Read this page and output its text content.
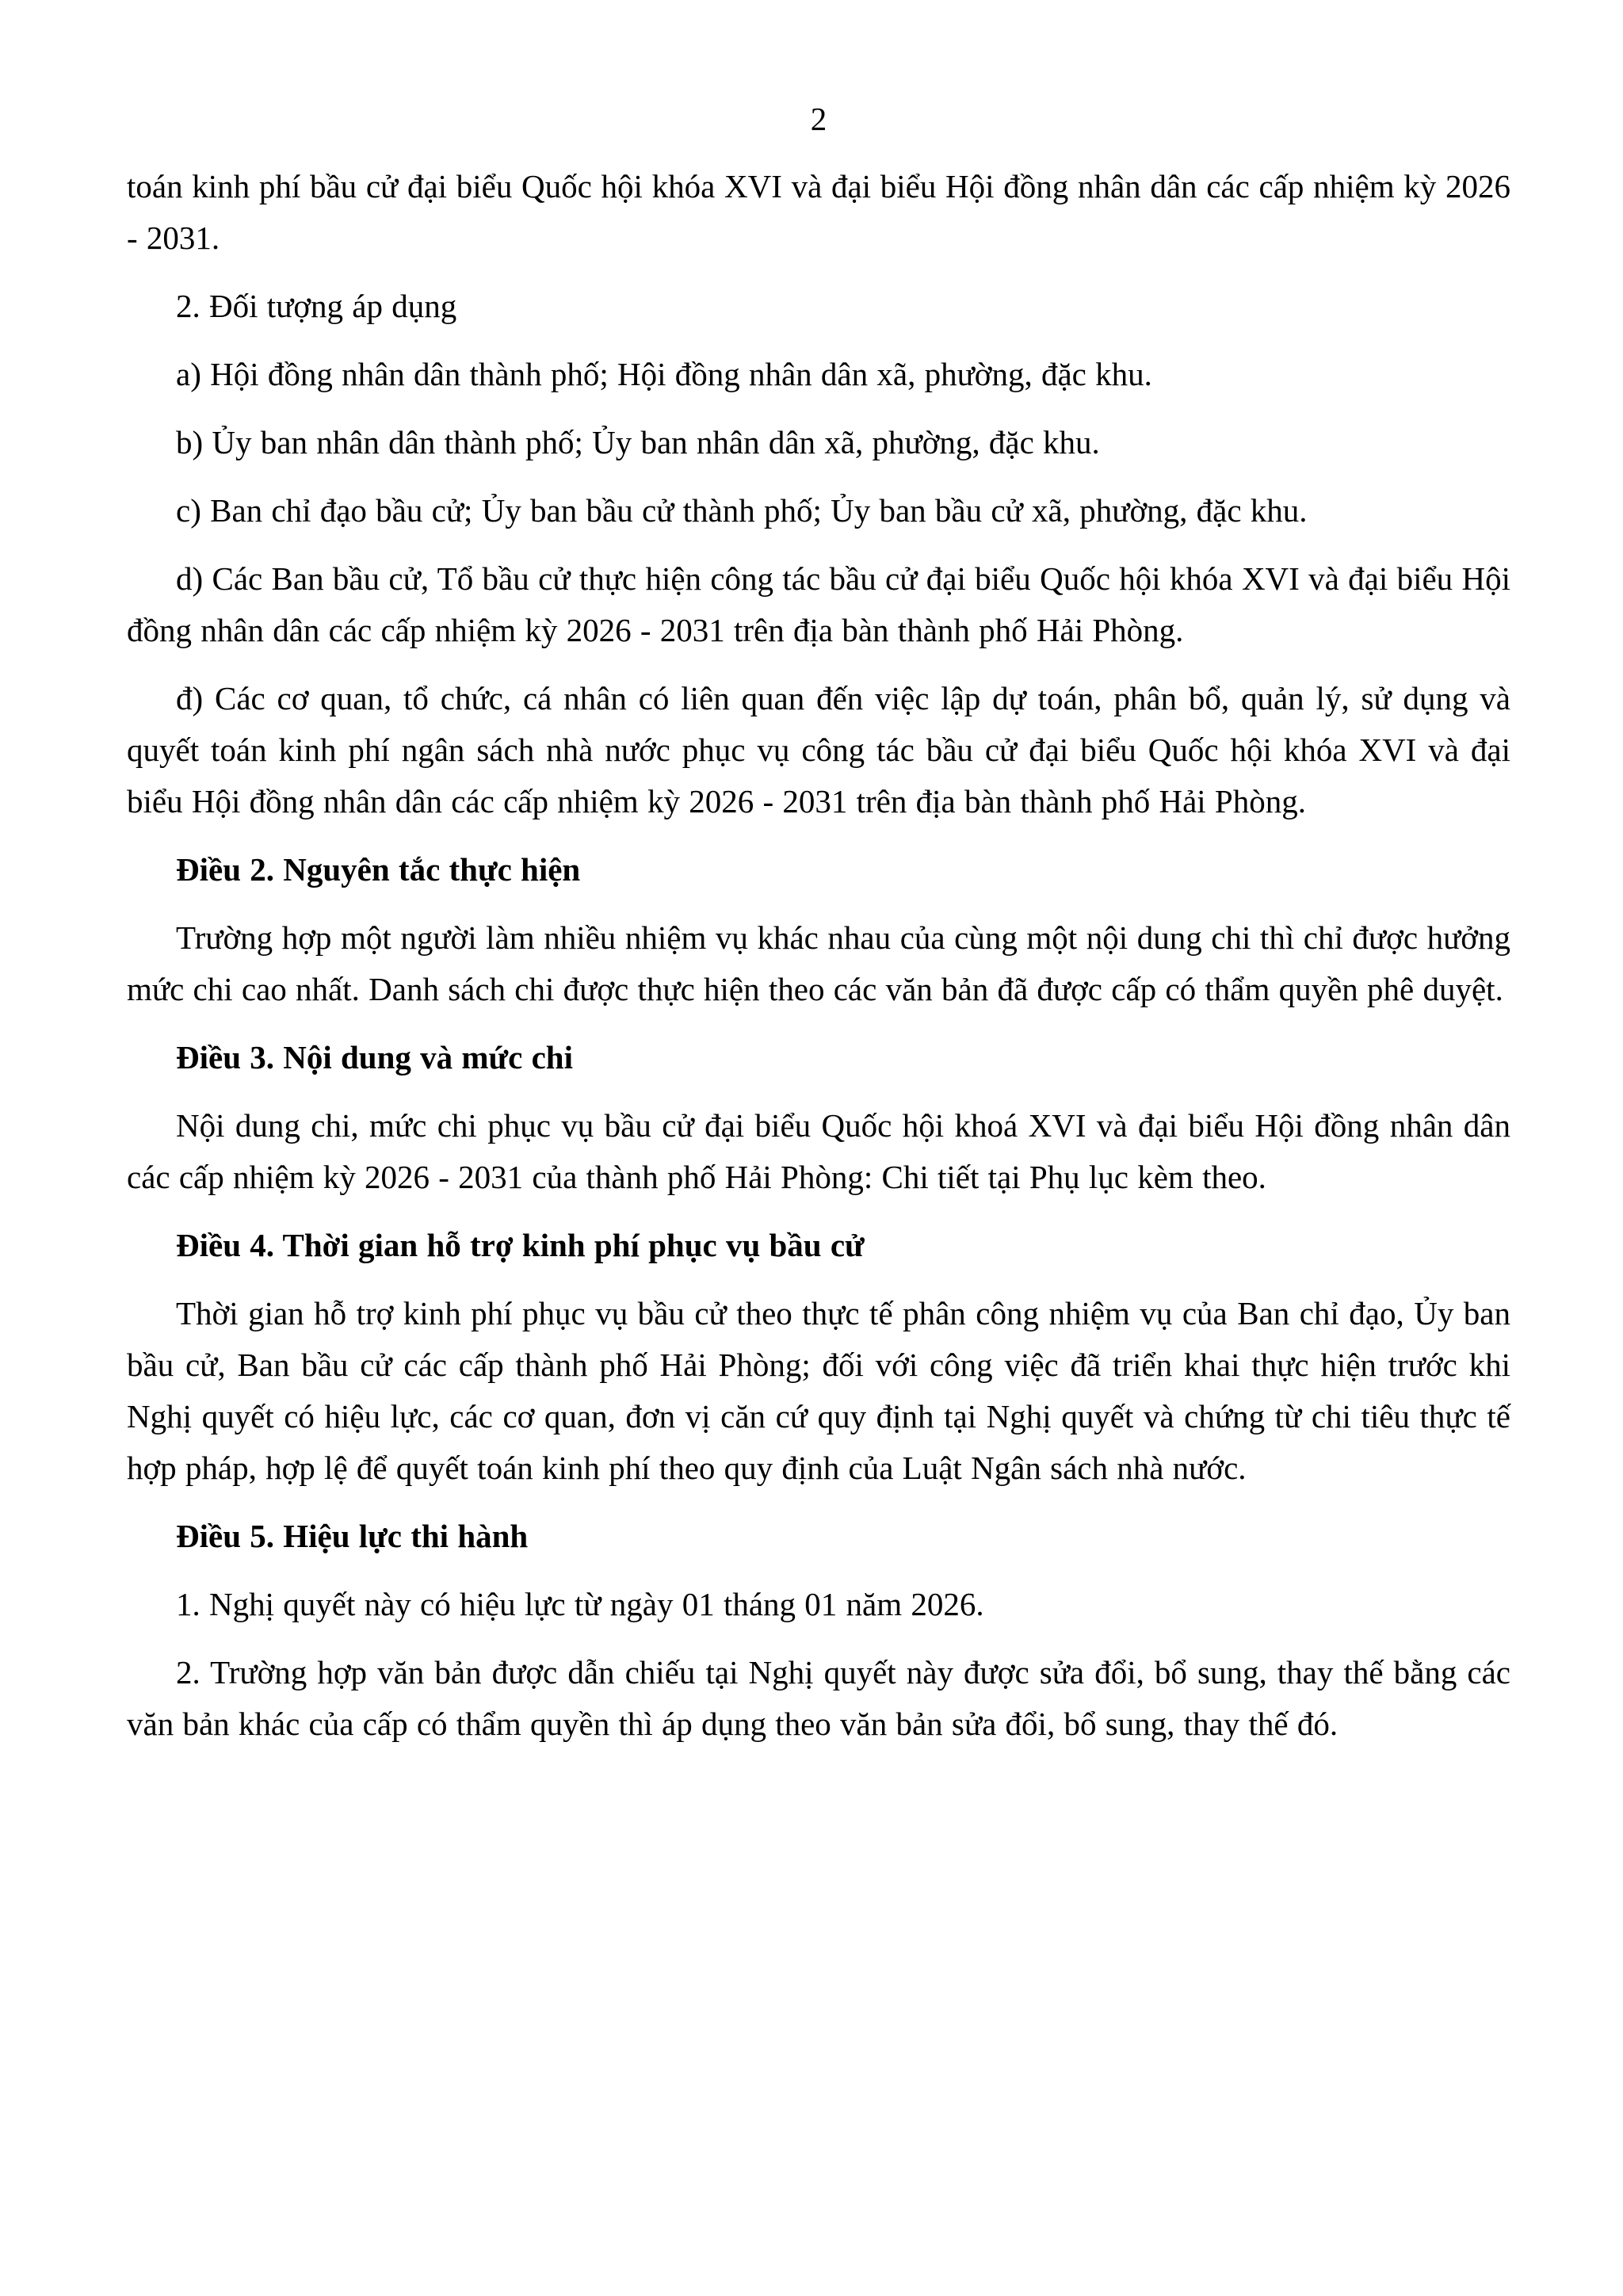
2

toán kinh phí bầu cử đại biểu Quốc hội khóa XVI và đại biểu Hội đồng nhân dân các cấp nhiệm kỳ 2026 - 2031.

2. Đối tượng áp dụng

a) Hội đồng nhân dân thành phố; Hội đồng nhân dân xã, phường, đặc khu.

b) Ủy ban nhân dân thành phố; Ủy ban nhân dân xã, phường, đặc khu.

c) Ban chỉ đạo bầu cử; Ủy ban bầu cử thành phố; Ủy ban bầu cử xã, phường, đặc khu.

d) Các Ban bầu cử, Tổ bầu cử thực hiện công tác bầu cử đại biểu Quốc hội khóa XVI và đại biểu Hội đồng nhân dân các cấp nhiệm kỳ 2026 - 2031 trên địa bàn thành phố Hải Phòng.

đ) Các cơ quan, tổ chức, cá nhân có liên quan đến việc lập dự toán, phân bổ, quản lý, sử dụng và quyết toán kinh phí ngân sách nhà nước phục vụ công tác bầu cử đại biểu Quốc hội khóa XVI và đại biểu Hội đồng nhân dân các cấp nhiệm kỳ 2026 - 2031 trên địa bàn thành phố Hải Phòng.

Điều 2. Nguyên tắc thực hiện

Trường hợp một người làm nhiều nhiệm vụ khác nhau của cùng một nội dung chi thì chỉ được hưởng mức chi cao nhất. Danh sách chi được thực hiện theo các văn bản đã được cấp có thẩm quyền phê duyệt.

Điều 3. Nội dung và mức chi

Nội dung chi, mức chi phục vụ bầu cử đại biểu Quốc hội khoá XVI và đại biểu Hội đồng nhân dân các cấp nhiệm kỳ 2026 - 2031 của thành phố Hải Phòng: Chi tiết tại Phụ lục kèm theo.

Điều 4. Thời gian hỗ trợ kinh phí phục vụ bầu cử

Thời gian hỗ trợ kinh phí phục vụ bầu cử theo thực tế phân công nhiệm vụ của Ban chỉ đạo, Ủy ban bầu cử, Ban bầu cử các cấp thành phố Hải Phòng; đối với công việc đã triển khai thực hiện trước khi Nghị quyết có hiệu lực, các cơ quan, đơn vị căn cứ quy định tại Nghị quyết và chứng từ chi tiêu thực tế hợp pháp, hợp lệ để quyết toán kinh phí theo quy định của Luật Ngân sách nhà nước.

Điều 5. Hiệu lực thi hành

1. Nghị quyết này có hiệu lực từ ngày 01 tháng 01 năm 2026.

2. Trường hợp văn bản được dẫn chiếu tại Nghị quyết này được sửa đổi, bổ sung, thay thế bằng các văn bản khác của cấp có thẩm quyền thì áp dụng theo văn bản sửa đổi, bổ sung, thay thế đó.
